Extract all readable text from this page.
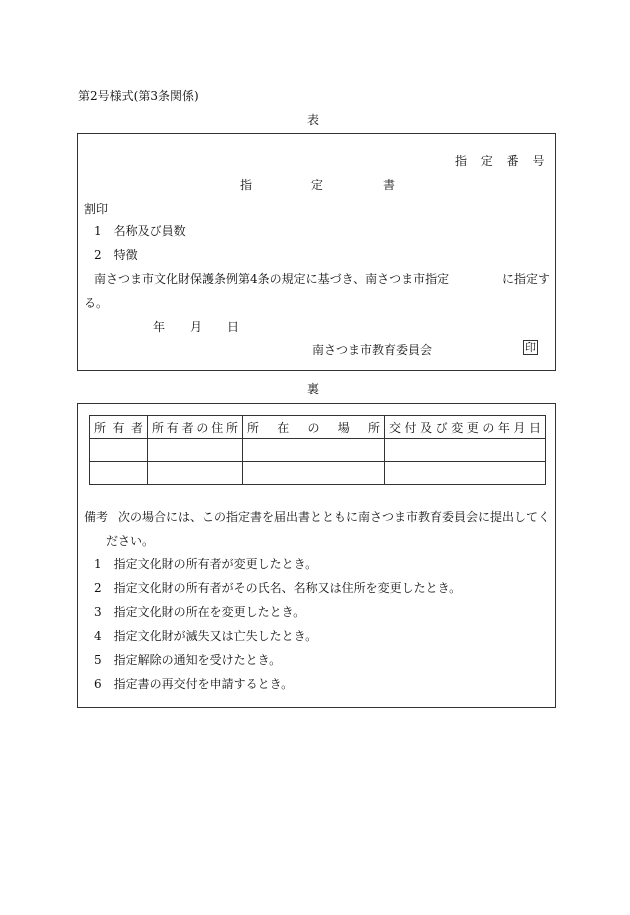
第2号様式(第3条関係)
表
指 定 番 号
指	定	書
割印
1　名称及び員数
2　特徴
南さつま市文化財保護条例第4条の規定に基づき、南さつま市指定	に指定す
る。
年 月 日
南さつま市教育委員会	印
裏
所有者	所有者の住所	所在の場所	交付及び変更の年月日

備考 次の場合には、この指定書を届出書とともに南さつま市教育委員会に提出してく
ださい。
1　指定文化財の所有者が変更したとき。
2　指定文化財の所有者がその氏名、名称又は住所を変更したとき。
3　指定文化財の所在を変更したとき。
4　指定文化財が滅失又は亡失したとき。
5　指定解除の通知を受けたとき。
6　指定書の再交付を申請するとき。
